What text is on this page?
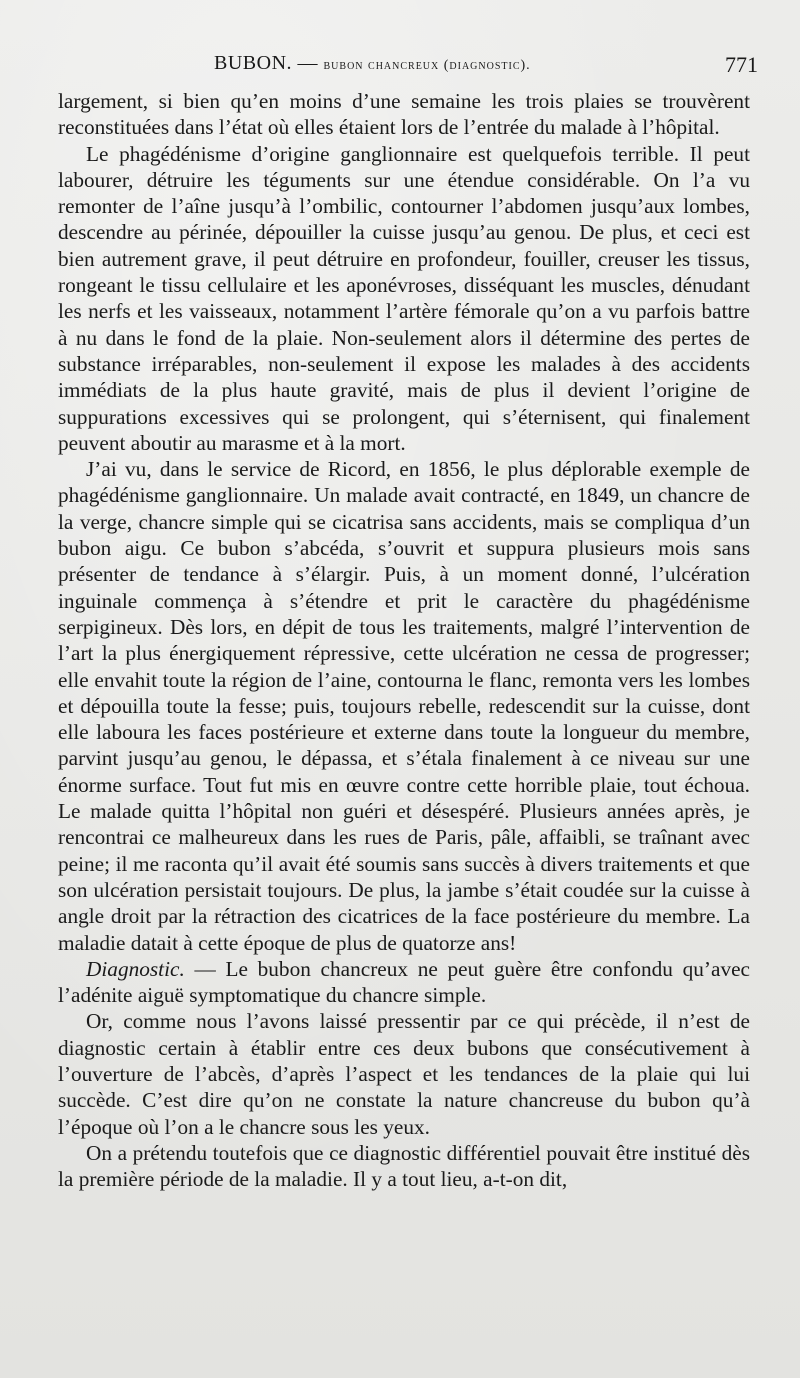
BUBON. — bubon chancreux (diagnostic).	771

largement, si bien qu’en moins d’une semaine les trois plaies se trouvèrent reconstituées dans l’état où elles étaient lors de l’entrée du malade à l’hôpital.

Le phagédénisme d’origine ganglionnaire est quelquefois terrible. Il peut labourer, détruire les téguments sur une étendue considérable. On l’a vu remonter de l’aîne jusqu’à l’ombilic, contourner l’abdomen jusqu’aux lombes, descendre au périnée, dépouiller la cuisse jusqu’au genou. De plus, et ceci est bien autrement grave, il peut détruire en profondeur, fouiller, creuser les tissus, rongeant le tissu cellulaire et les aponévroses, disséquant les muscles, dénudant les nerfs et les vaisseaux, notamment l’artère fémorale qu’on a vu parfois battre à nu dans le fond de la plaie. Non-seulement alors il détermine des pertes de substance irréparables, non-seulement il expose les malades à des accidents immédiats de la plus haute gravité, mais de plus il devient l’origine de suppurations excessives qui se prolongent, qui s’éternisent, qui finalement peuvent aboutir au marasme et à la mort.

J’ai vu, dans le service de Ricord, en 1856, le plus déplorable exemple de phagédénisme ganglionnaire. Un malade avait contracté, en 1849, un chancre de la verge, chancre simple qui se cicatrisa sans accidents, mais se compliqua d’un bubon aigu. Ce bubon s’abcéda, s’ouvrit et suppura plusieurs mois sans présenter de tendance à s’élargir. Puis, à un moment donné, l’ulcération inguinale commença à s’étendre et prit le caractère du phagédénisme serpigineux. Dès lors, en dépit de tous les traitements, malgré l’intervention de l’art la plus énergiquement répressive, cette ulcération ne cessa de progresser; elle envahit toute la région de l’aine, contourna le flanc, remonta vers les lombes et dépouilla toute la fesse; puis, toujours rebelle, redescendit sur la cuisse, dont elle laboura les faces postérieure et externe dans toute la longueur du membre, parvint jusqu’au genou, le dépassa, et s’étala finalement à ce niveau sur une énorme surface. Tout fut mis en œuvre contre cette horrible plaie, tout échoua. Le malade quitta l’hôpital non guéri et désespéré. Plusieurs années après, je rencontrai ce malheureux dans les rues de Paris, pâle, affaibli, se traînant avec peine; il me raconta qu’il avait été soumis sans succès à divers traitements et que son ulcération persistait toujours. De plus, la jambe s’était coudée sur la cuisse à angle droit par la rétraction des cicatrices de la face postérieure du membre. La maladie datait à cette époque de plus de quatorze ans!

Diagnostic. — Le bubon chancreux ne peut guère être confondu qu’avec l’adénite aiguë symptomatique du chancre simple.

Or, comme nous l’avons laissé pressentir par ce qui précède, il n’est de diagnostic certain à établir entre ces deux bubons que consécutivement à l’ouverture de l’abcès, d’après l’aspect et les tendances de la plaie qui lui succède. C’est dire qu’on ne constate la nature chancreuse du bubon qu’à l’époque où l’on a le chancre sous les yeux.

On a prétendu toutefois que ce diagnostic différentiel pouvait être institué dès la première période de la maladie. Il y a tout lieu, a-t-on dit,
